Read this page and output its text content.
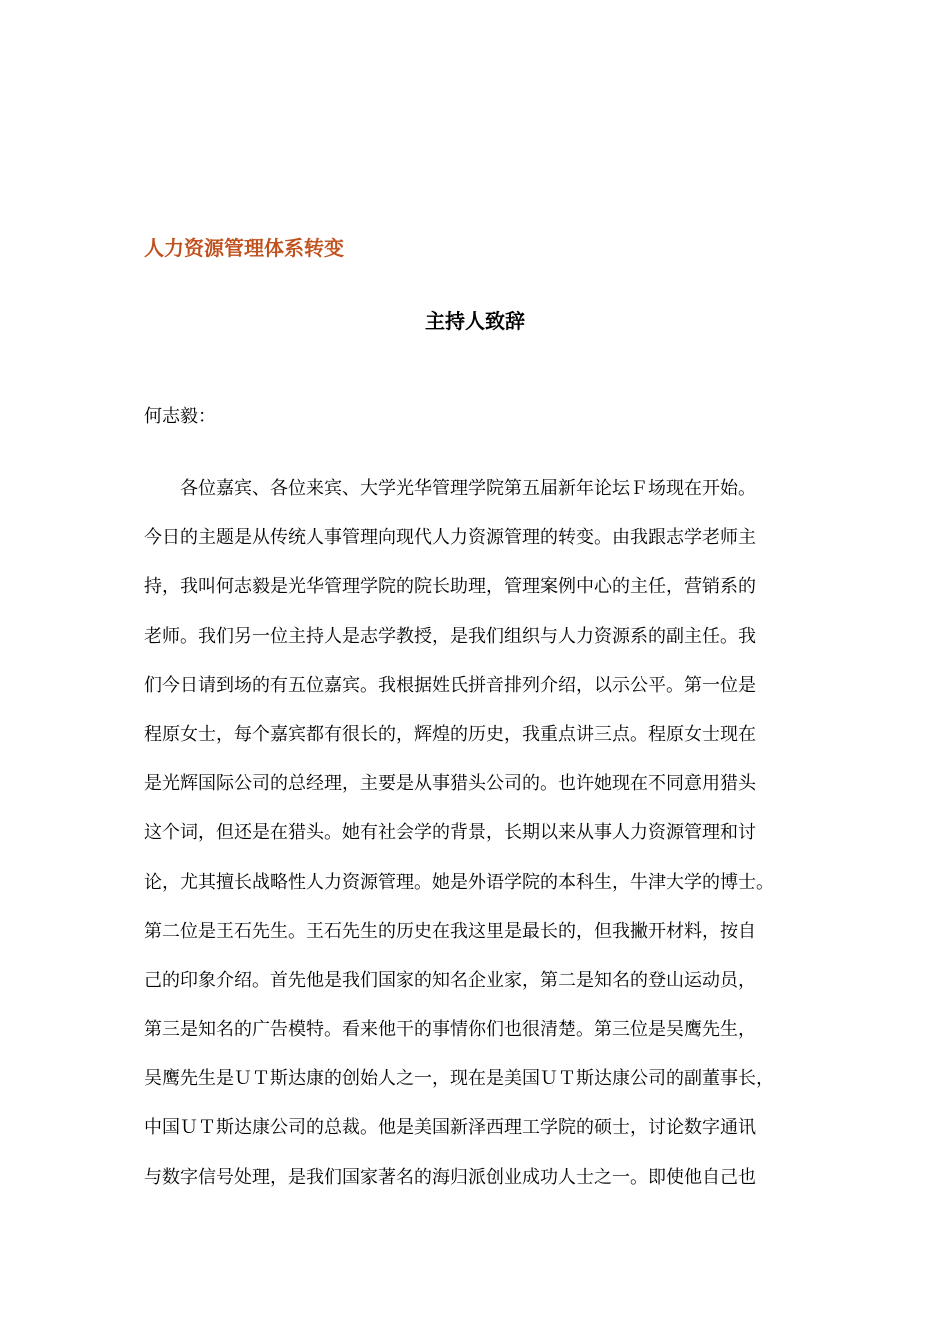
人力资源管理体系转变
主持人致辞
何志毅：
各位嘉宾、各位来宾、大学光华管理学院第五届新年论坛Ｆ场现在开始。
今日的主题是从传统人事管理向现代人力资源管理的转变。由我跟志学老师主
持，我叫何志毅是光华管理学院的院长助理，管理案例中心的主任，营销系的
老师。我们另一位主持人是志学教授，是我们组织与人力资源系的副主任。我
们今日请到场的有五位嘉宾。我根据姓氏拼音排列介绍，以示公平。第一位是
程原女士，每个嘉宾都有很长的，辉煌的历史，我重点讲三点。程原女士现在
是光辉国际公司的总经理，主要是从事猎头公司的。也许她现在不同意用猎头
这个词，但还是在猎头。她有社会学的背景，长期以来从事人力资源管理和讨
论，尤其擅长战略性人力资源管理。她是外语学院的本科生，牛津大学的博士。
第二位是王石先生。王石先生的历史在我这里是最长的，但我撇开材料，按自
己的印象介绍。首先他是我们国家的知名企业家，第二是知名的登山运动员，
第三是知名的广告模特。看来他干的事情你们也很清楚。第三位是吴鹰先生，
吴鹰先生是ＵＴ斯达康的创始人之一，现在是美国ＵＴ斯达康公司的副董事长，
中国ＵＴ斯达康公司的总裁。他是美国新泽西理工学院的硕士，讨论数字通讯
与数字信号处理，是我们国家著名的海归派创业成功人士之一。即使他自己也
